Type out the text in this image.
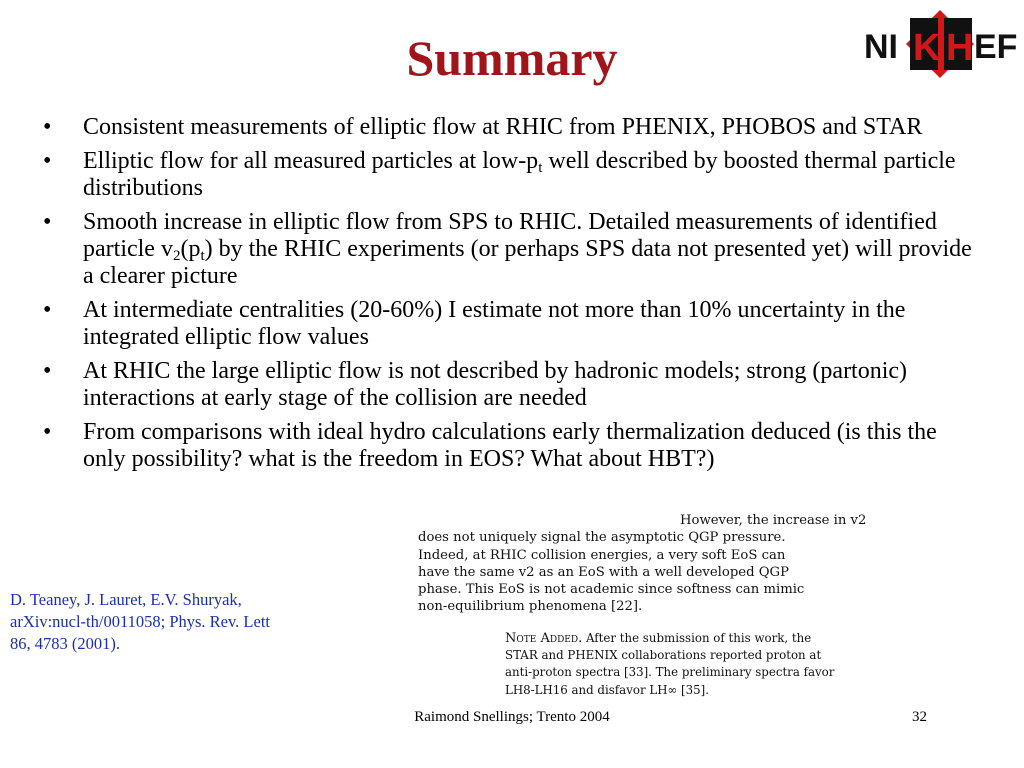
Summary	NI K H EF
• Consistent measurements of elliptic flow at RHIC from PHENIX, PHOBOS and STAR
• Elliptic flow for all measured particles at low-$p_t$ well described by boosted thermal particle distributions
• Smooth increase in elliptic flow from SPS to RHIC. Detailed measurements of identified particle $v_2(p_t)$ by the RHIC experiments (or perhaps SPS data not presented yet) will provide a clearer picture
• At intermediate centralities (20-60%) I estimate not more than 10% uncertainty in the integrated elliptic flow values
• At RHIC the large elliptic flow is not described by hadronic models; strong (partonic) interactions at early stage of the collision are needed
• From comparisons with ideal hydro calculations early thermalization deduced (is this the only possibility? what is the freedom in EOS? What about HBT?)
D. Teaney, J. Lauret, E.V. Shuryak,
arXiv:nucl-th/0011058; Phys. Rev. Lett
86, 4783 (2001).
However, the increase in v2
does not uniquely signal the asymptotic QGP pressure.
Indeed, at RHIC collision energies, a very soft EoS can
have the same v2 as an EoS with a well developed QGP
phase. This EoS is not academic since softness can mimic
non-equilibrium phenomena [22].
Note Added. After the submission of this work, the
STAR and PHENIX collaborations reported proton at
anti-proton spectra [33]. The preliminary spectra favor
LH8-LH16 and disfavor LH∞ [35].
Raimond Snellings; Trento 2004	32
